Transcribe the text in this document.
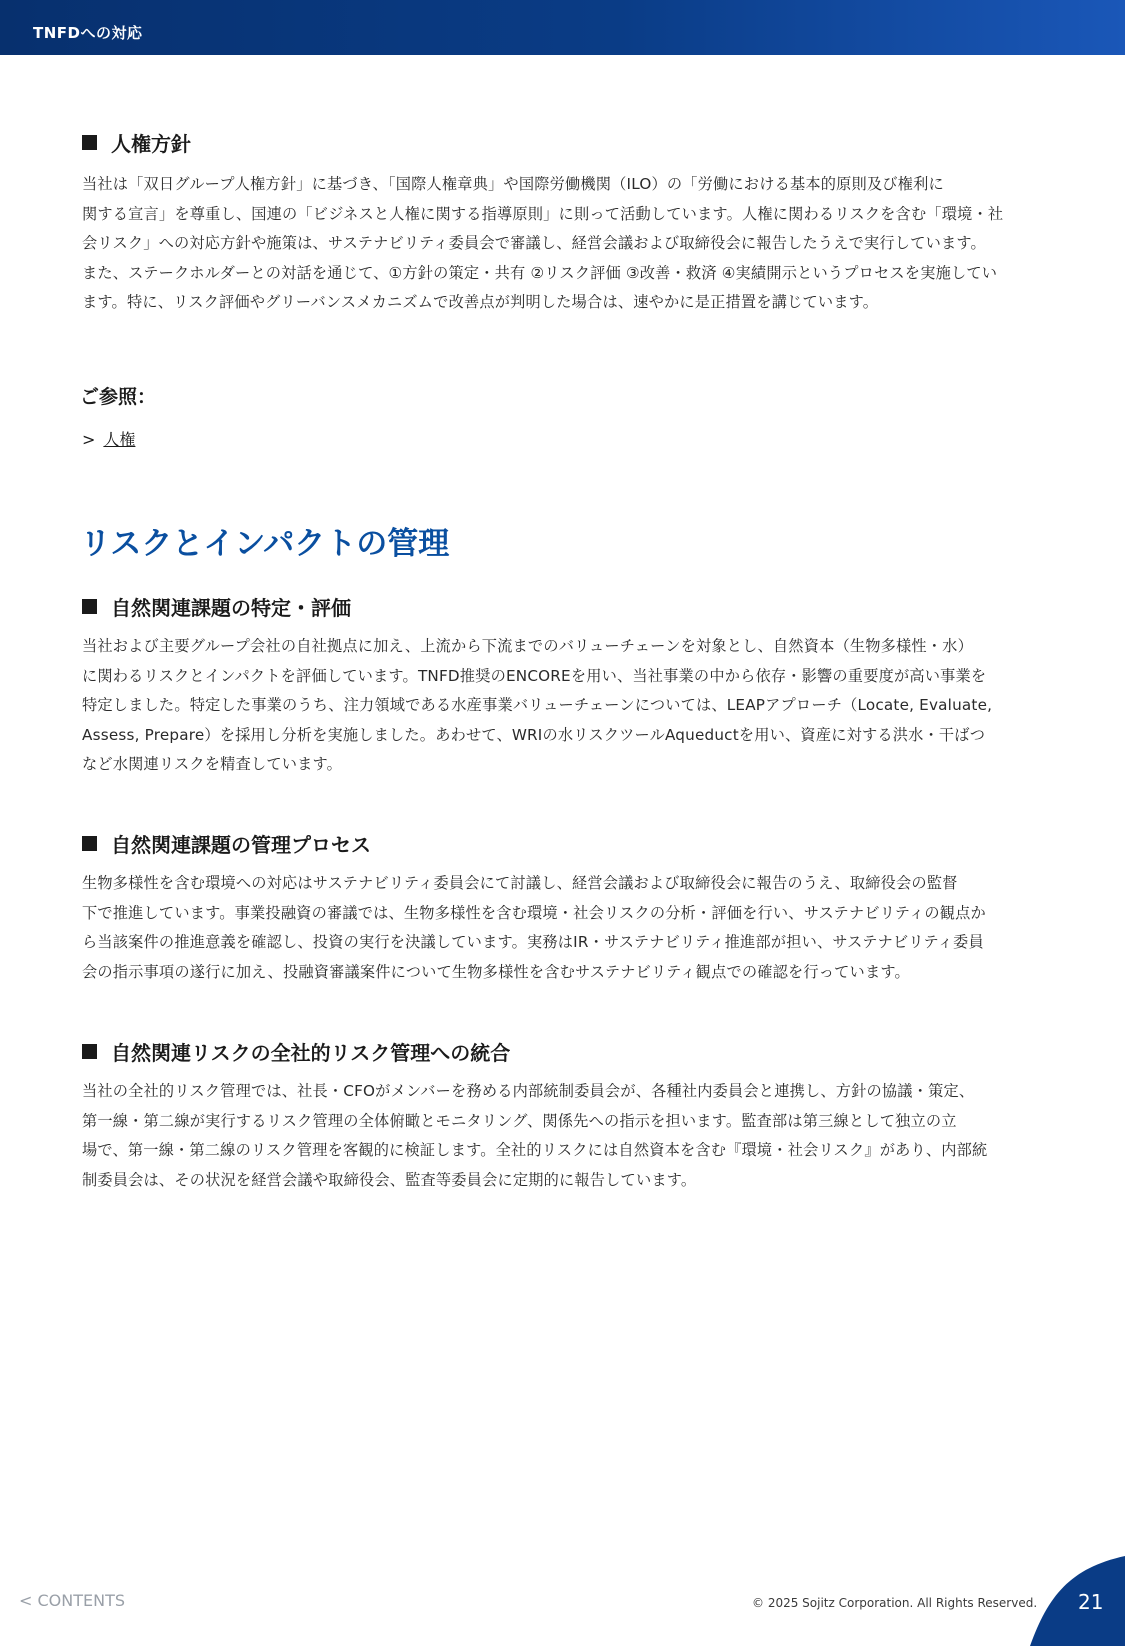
TNFDへの対応
人権方針

当社は「双日グループ人権方針」に基づき、「国際人権章典」や国際労働機関（ILO）の「労働における基本的原則及び権利に

関する宣言」を尊重し、国連の「ビジネスと人権に関する指導原則」に則って活動しています。人権に関わるリスクを含む「環境・社

会リスク」への対応方針や施策は、サステナビリティ委員会で審議し、経営会議および取締役会に報告したうえで実行しています。

また、ステークホルダーとの対話を通じて、①方針の策定・共有 ②リスク評価 ③改善・救済 ④実績開示というプロセスを実施してい

ます。特に、リスク評価やグリーバンスメカニズムで改善点が判明した場合は、速やかに是正措置を講じています。

ご参照：
> 人権
リスクとインパクトの管理
自然関連課題の特定・評価

当社および主要グループ会社の自社拠点に加え、上流から下流までのバリューチェーンを対象とし、自然資本（生物多様性・水）

に関わるリスクとインパクトを評価しています。TNFD推奨のENCOREを用い、当社事業の中から依存・影響の重要度が高い事業を

特定しました。特定した事業のうち、注力領域である水産事業バリューチェーンについては、LEAPアプローチ（Locate, Evaluate,

Assess, Prepare）を採用し分析を実施しました。あわせて、WRIの水リスクツールAqueductを用い、資産に対する洪水・干ばつ

など水関連リスクを精査しています。

自然関連課題の管理プロセス

生物多様性を含む環境への対応はサステナビリティ委員会にて討議し、経営会議および取締役会に報告のうえ、取締役会の監督

下で推進しています。事業投融資の審議では、生物多様性を含む環境・社会リスクの分析・評価を行い、サステナビリティの観点か

ら当該案件の推進意義を確認し、投資の実行を決議しています。実務はIR・サステナビリティ推進部が担い、サステナビリティ委員

会の指示事項の遂行に加え、投融資審議案件について生物多様性を含むサステナビリティ観点での確認を行っています。

自然関連リスクの全社的リスク管理への統合

当社の全社的リスク管理では、社長・CFOがメンバーを務める内部統制委員会が、各種社内委員会と連携し、方針の協議・策定、

第一線・第二線が実行するリスク管理の全体俯瞰とモニタリング、関係先への指示を担います。監査部は第三線として独立の立

場で、第一線・第二線のリスク管理を客観的に検証します。全社的リスクには自然資本を含む『環境・社会リスク』があり、内部統

制委員会は、その状況を経営会議や取締役会、監査等委員会に定期的に報告しています。

< CONTENTS	© 2025 Sojitz Corporation. All Rights Reserved. 21
